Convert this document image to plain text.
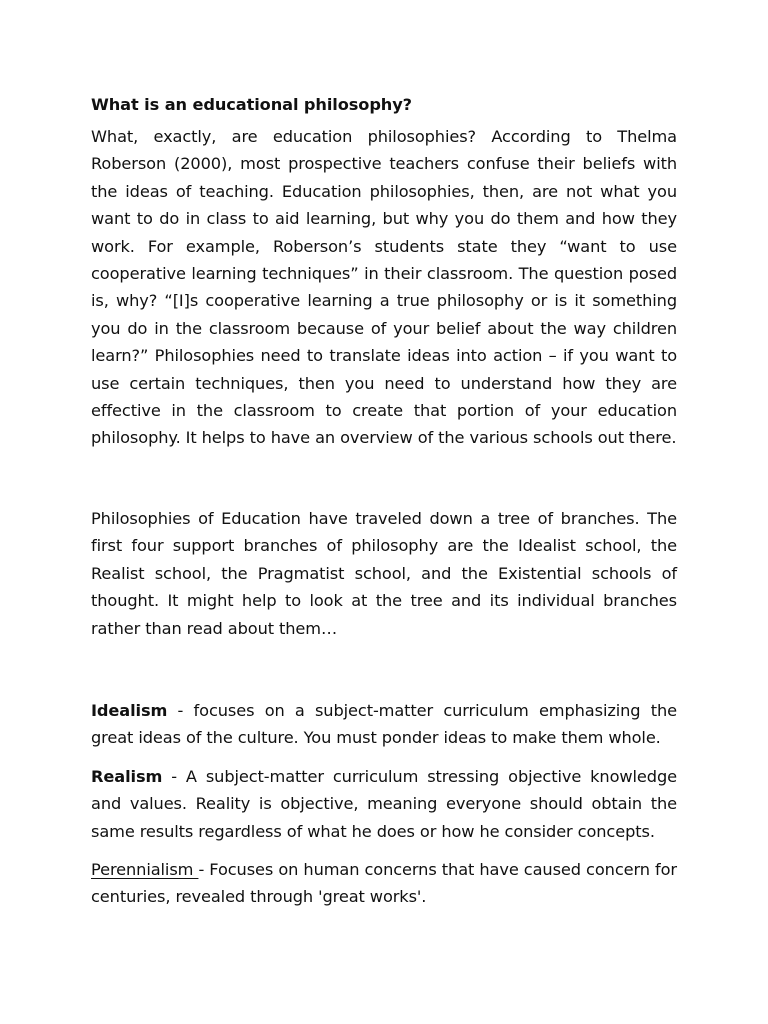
What is an educational philosophy?

What, exactly, are education philosophies? According to Thelma Roberson (2000), most prospective teachers confuse their beliefs with the ideas of teaching. Education philosophies, then, are not what you want to do in class to aid learning, but why you do them and how they work. For example, Roberson’s students state they “want to use cooperative learning techniques” in their classroom. The question posed is, why? “[I]s cooperative learning a true philosophy or is it something you do in the classroom because of your belief about the way children learn?” Philosophies need to translate ideas into action – if you want to use certain techniques, then you need to understand how they are effective in the classroom to create that portion of your education philosophy. It helps to have an overview of the various schools out there.

Philosophies of Education have traveled down a tree of branches. The first four support branches of philosophy are the Idealist school, the Realist school, the Pragmatist school, and the Existential schools of thought. It might help to look at the tree and its individual branches rather than read about them…

Idealism - focuses on a subject-matter curriculum emphasizing the great ideas of the culture. You must ponder ideas to make them whole.

Realism - A subject-matter curriculum stressing objective knowledge and values. Reality is objective, meaning everyone should obtain the same results regardless of what he does or how he consider concepts.

Perennialism - Focuses on human concerns that have caused concern for centuries, revealed through 'great works'.
